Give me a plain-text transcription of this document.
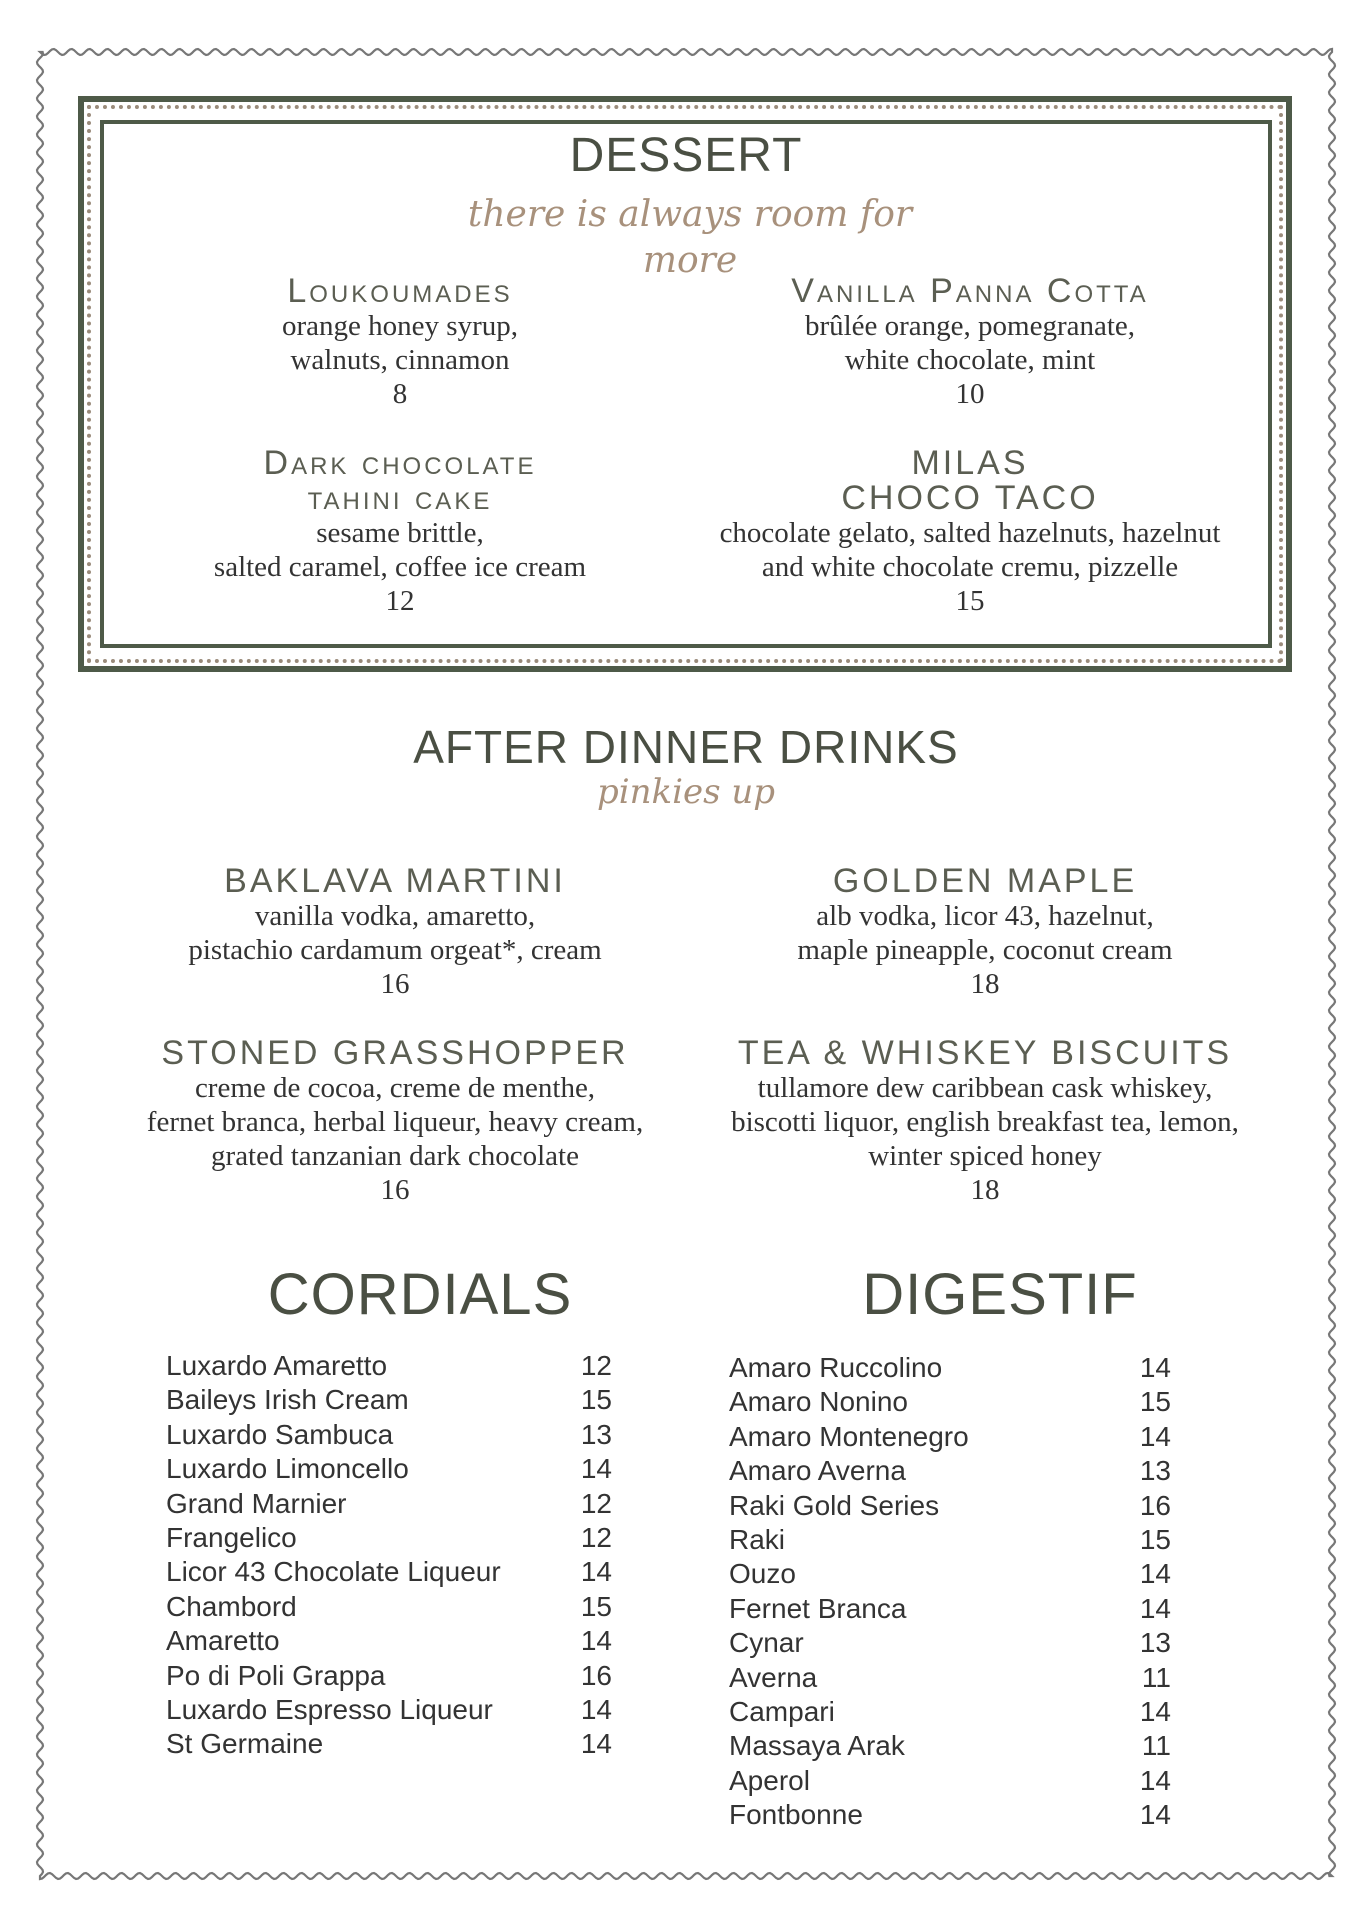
DESSERT
there is always room for more
Loukoumades
orange honey syrup,
walnuts, cinnamon
8
Vanilla Panna Cotta
brûlée orange, pomegranate,
white chocolate, mint
10
Dark chocolate
tahini cake
sesame brittle,
salted caramel, coffee ice cream
12
MILAS
CHOCO TACO
chocolate gelato, salted hazelnuts, hazelnut
and white chocolate cremu, pizzelle
15
AFTER DINNER DRINKS
pinkies up
BAKLAVA MARTINI
vanilla vodka, amaretto,
pistachio cardamum orgeat*, cream
16
GOLDEN MAPLE
alb vodka, licor 43, hazelnut,
maple pineapple, coconut cream
18
STONED GRASSHOPPER
creme de cocoa, creme de menthe,
fernet branca, herbal liqueur, heavy cream,
grated tanzanian dark chocolate
16
TEA & WHISKEY BISCUITS
tullamore dew caribbean cask whiskey,
biscotti liquor, english breakfast tea, lemon,
winter spiced honey
18
CORDIALS
Luxardo Amaretto	12
Baileys Irish Cream	15
Luxardo Sambuca	13
Luxardo Limoncello	14
Grand Marnier	12
Frangelico	12
Licor 43 Chocolate Liqueur	14
Chambord	15
Amaretto	14
Po di Poli Grappa	16
Luxardo Espresso Liqueur	14
St Germaine	14
DIGESTIF
Amaro Ruccolino	14
Amaro Nonino	15
Amaro Montenegro	14
Amaro Averna	13
Raki Gold Series	16
Raki	15
Ouzo	14
Fernet Branca	14
Cynar	13
Averna	11
Campari	14
Massaya Arak	11
Aperol	14
Fontbonne	14
